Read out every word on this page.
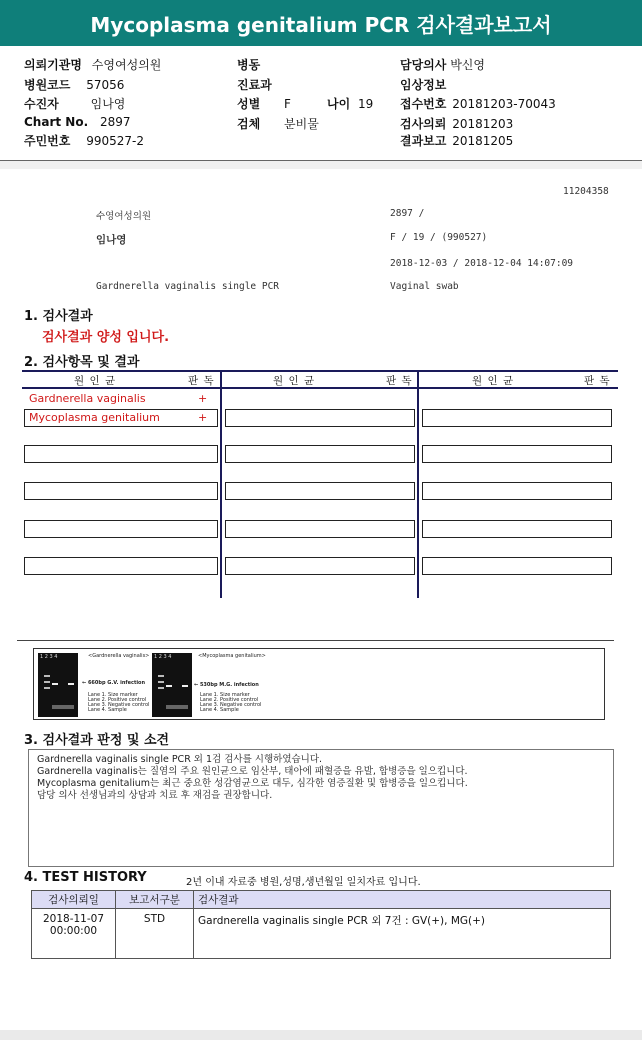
Mycoplasma genitalium PCR 검사결과보고서
의뢰기관명 수영여성의원
병원코드 57056
수진자	임나영
Chart No. 2897
주민번호 990527-2
병동
진료과
성별 F	나이 19
검체 분비물
담당의사 박신영
임상정보
접수번호 20181203-70043
검사의뢰 20181203
결과보고 20181205
11204358
수영여성의원	2897 /
임나영	F / 19 / (990527)
2018-12-03 / 2018-12-04 14:07:09
Gardnerella vaginalis single PCR	Vaginal swab
1. 검사결과
검사결과 양성 입니다.
2. 검사항목 및 결과
원 인 균	판 독	원 인 균	판 독	원 인 균	판 독
Gardnerella vaginalis	+
Mycoplasma genitalium	+
1 2 3 4	<Gardnerella vaginalis>
← 660bp G.V. infection
Lane 1. Size marker
Lane 2. Positive control
Lane 3. Negative control
Lane 4. Sample
1 2 3 4	<Mycoplasma genitalium>
← 530bp M.G. infection
Lane 1. Size marker
Lane 2. Positive control
Lane 3. Negative control
Lane 4. Sample
3. 검사결과 판정 및 소견
Gardnerella vaginalis single PCR 외 1검 검사를 시행하였습니다.
Gardnerella vaginalis는 질염의 주요 원인균으로 임산부, 태아에 패혈증을 유발, 합병증을 일으킵니다.
Mycoplasma genitalium는 최근 중요한 성감염균으로 대두, 심각한 염증질환 및 합병증을 일으킵니다.
담당 의사 선생님과의 상담과 치료 후 재검을 권장합니다.
4. TEST HISTORY	2년 이내 자료중 병원,성명,생년월일 일치자료 입니다.
검사의뢰일	보고서구분	검사결과

2018-11-07
00:00:00	STD	Gardnerella vaginalis single PCR 외 7건 : GV(+), MG(+)
